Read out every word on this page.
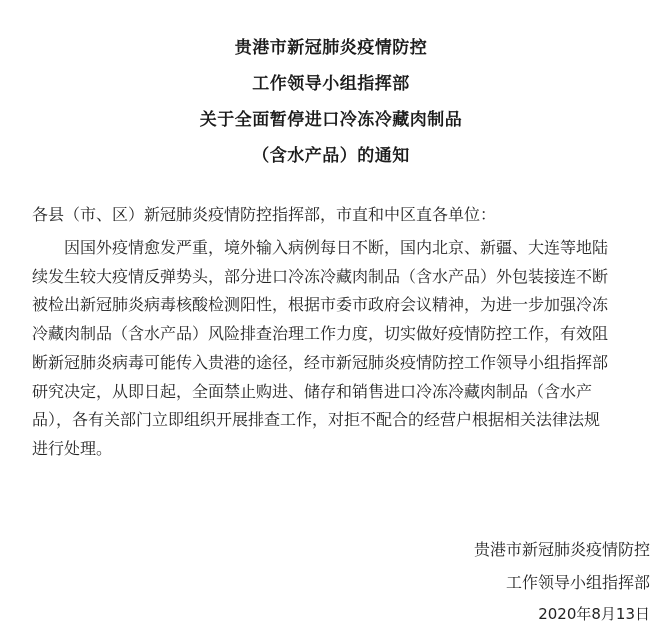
贵港市新冠肺炎疫情防控
工作领导小组指挥部
关于全面暂停进口冷冻冷藏肉制品
（含水产品）的通知
各县（市、区）新冠肺炎疫情防控指挥部，市直和中区直各单位：
　　因国外疫情愈发严重，境外输入病例每日不断，国内北京、新疆、大连等地陆
续发生较大疫情反弹势头，部分进口冷冻冷藏肉制品（含水产品）外包装接连不断
被检出新冠肺炎病毒核酸检测阳性，根据市委市政府会议精神，为进一步加强冷冻
冷藏肉制品（含水产品）风险排查治理工作力度，切实做好疫情防控工作，有效阻
断新冠肺炎病毒可能传入贵港的途径，经市新冠肺炎疫情防控工作领导小组指挥部
研究决定，从即日起，全面禁止购进、储存和销售进口冷冻冷藏肉制品（含水产
品），各有关部门立即组织开展排查工作，对拒不配合的经营户根据相关法律法规
进行处理。
贵港市新冠肺炎疫情防控
工作领导小组指挥部
2020年8月13日
